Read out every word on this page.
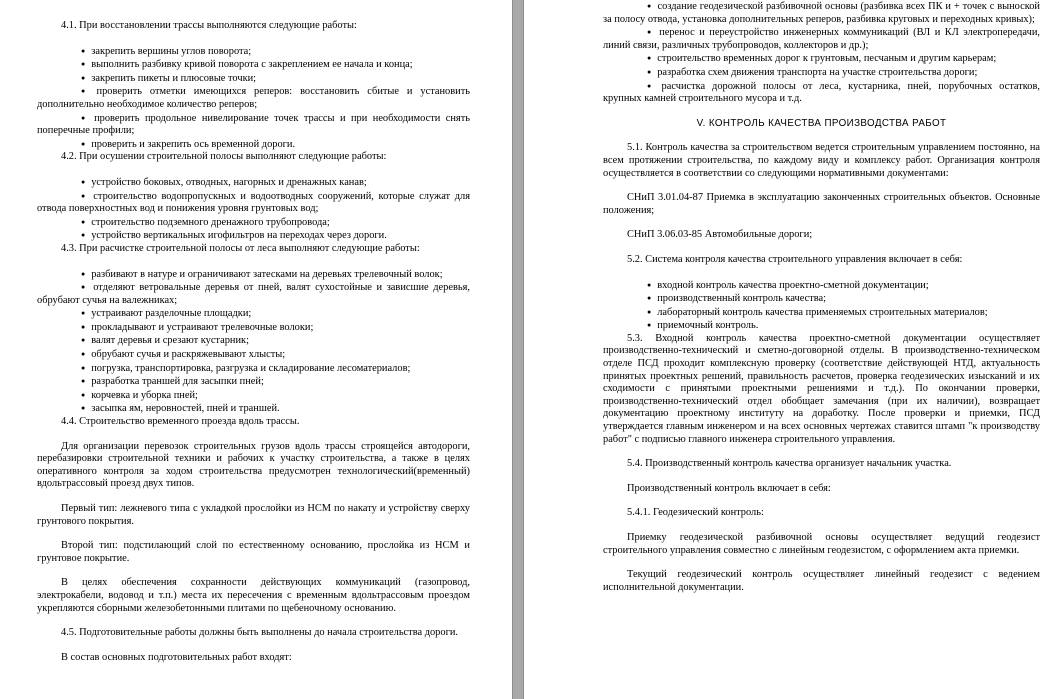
4.1. При восстановлении трассы выполняются следующие работы:

● закрепить вершины углов поворота;
● выполнить разбивку кривой поворота с закреплением ее начала и конца;
● закрепить пикеты и плюсовые точки;
● проверить отметки имеющихся реперов: восстановить сбитые и установить дополнительно необходимое количество реперов;
● проверить продольное нивелирование точек трассы и при необходимости снять поперечные профили;
● проверить и закрепить ось временной дороги.

4.2. При осушении строительной полосы выполняют следующие работы:

● устройство боковых, отводных, нагорных и дренажных канав;
● строительство водопропускных и водоотводных сооружений, которые служат для отвода поверхностных вод и понижения уровня грунтовых вод;
● строительство подземного дренажного трубопровода;
● устройство вертикальных игофильтров на переходах через дороги.

4.3. При расчистке строительной полосы от леса выполняют следующие работы:

● разбивают в натуре и ограничивают затесками на деревьях трелевочный волок;
● отделяют ветровальные деревья от пней, валят сухостойные и зависшие деревья, обрубают сучья на валежниках;
● устраивают разделочные площадки;
● прокладывают и устраивают трелевочные волоки;
● валят деревья и срезают кустарник;
● обрубают сучья и раскряжевывают хлысты;
● погрузка, транспортировка, разгрузка и складирование лесоматериалов;
● разработка траншей для засыпки пней;
● корчевка и уборка пней;
● засыпка ям, неровностей, пней и траншей.

4.4. Строительство временного проезда вдоль трассы.

Для организации перевозок строительных грузов вдоль трассы строящейся автодороги, перебазировки строительной техники и рабочих к участку строительства, а также в целях оперативного контроля за ходом строительства предусмотрен технологический(временный) вдольтрассовый проезд двух типов.

Первый тип: лежневого типа с укладкой прослойки из НСМ по накату и устройству сверху грунтового покрытия.

Второй тип: подстилающий слой по естественному основанию, прослойка из НСМ и грунтовое покрытие.

В целях обеспечения сохранности действующих коммуникаций (газопровод, электрокабели, водовод и т.п.) места их пересечения с временным вдольтрассовым проездом укрепляются сборными железобетонными плитами по щебеночному основанию.

4.5. Подготовительные работы должны быть выполнены до начала строительства дороги.

В состав основных подготовительных работ входят:

● создание геодезической разбивочной основы (разбивка всех ПК и + точек с выноской за полосу отвода, установка дополнительных реперов, разбивка круговых и переходных кривых);
● перенос и переустройство инженерных коммуникаций (ВЛ и КЛ электропередачи, линий связи, различных трубопроводов, коллекторов и др.);
● строительство временных дорог к грунтовым, песчаным и другим карьерам;
● разработка схем движения транспорта на участке строительства дороги;
● расчистка дорожной полосы от леса, кустарника, пней, порубочных остатков, крупных камней строительного мусора и т.д.

V. КОНТРОЛЬ КАЧЕСТВА ПРОИЗВОДСТВА РАБОТ

5.1. Контроль качества за строительством ведется строительным управлением постоянно, на всем протяжении строительства, по каждому виду и комплексу работ. Организация контроля осуществляется в соответствии со следующими нормативными документами:

СНиП 3.01.04-87 Приемка в эксплуатацию законченных строительных объектов. Основные положения;

СНиП 3.06.03-85 Автомобильные дороги;

5.2. Система контроля качества строительного управления включает в себя:

● входной контроль качества проектно-сметной документации;
● производственный контроль качества;
● лабораторный контроль качества применяемых строительных материалов;
● приемочный контроль.

5.3. Входной контроль качества проектно-сметной документации осуществляет производственно-технический и сметно-договорной отделы. В производственно-техническом отделе ПСД проходит комплексную проверку (соответствие действующей НТД, актуальность принятых проектных решений, правильность расчетов, проверка геодезических изысканий и их сходимости с принятыми проектными решениями и т.д.). По окончании проверки, производственно-технический отдел обобщает замечания (при их наличии), возвращает документацию проектному институту на доработку. После проверки и приемки, ПСД утверждается главным инженером и на всех основных чертежах ставится штамп "к производству работ" с подписью главного инженера строительного управления.

5.4. Производственный контроль качества организует начальник участка.

Производственный контроль включает в себя:

5.4.1. Геодезический контроль:

Приемку геодезической разбивочной основы осуществляет ведущий геодезист строительного управления совместно с линейным геодезистом, с оформлением акта приемки.

Текущий геодезический контроль осуществляет линейный геодезист с ведением исполнительной документации.
